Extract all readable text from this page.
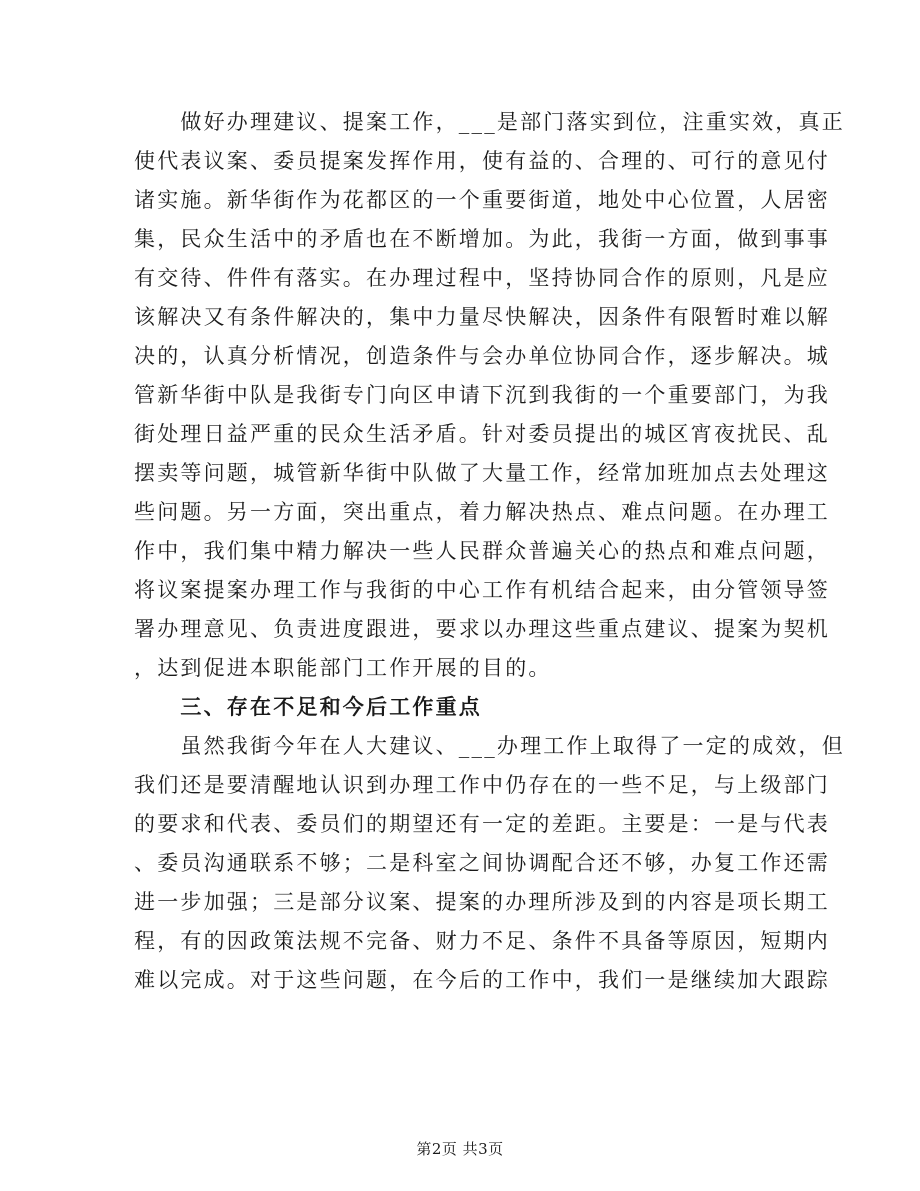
　　做好办理建议、提案工作，___是部门落实到位，注重实效，真正
使代表议案、委员提案发挥作用，使有益的、合理的、可行的意见付
诸实施。新华街作为花都区的一个重要街道，地处中心位置，人居密
集，民众生活中的矛盾也在不断增加。为此，我街一方面，做到事事
有交待、件件有落实。在办理过程中，坚持协同合作的原则，凡是应
该解决又有条件解决的，集中力量尽快解决，因条件有限暂时难以解
决的，认真分析情况，创造条件与会办单位协同合作，逐步解决。城
管新华街中队是我街专门向区申请下沉到我街的一个重要部门，为我
街处理日益严重的民众生活矛盾。针对委员提出的城区宵夜扰民、乱
摆卖等问题，城管新华街中队做了大量工作，经常加班加点去处理这
些问题。另一方面，突出重点，着力解决热点、难点问题。在办理工
作中，我们集中精力解决一些人民群众普遍关心的热点和难点问题，
将议案提案办理工作与我街的中心工作有机结合起来，由分管领导签
署办理意见、负责进度跟进，要求以办理这些重点建议、提案为契机
，达到促进本职能部门工作开展的目的。
　　三、存在不足和今后工作重点
　　虽然我街今年在人大建议、___办理工作上取得了一定的成效，但
我们还是要清醒地认识到办理工作中仍存在的一些不足，与上级部门
的要求和代表、委员们的期望还有一定的差距。主要是：一是与代表
、委员沟通联系不够；二是科室之间协调配合还不够，办复工作还需
进一步加强；三是部分议案、提案的办理所涉及到的内容是项长期工
程，有的因政策法规不完备、财力不足、条件不具备等原因，短期内
难以完成。对于这些问题，在今后的工作中，我们一是继续加大跟踪
第2页 共3页
